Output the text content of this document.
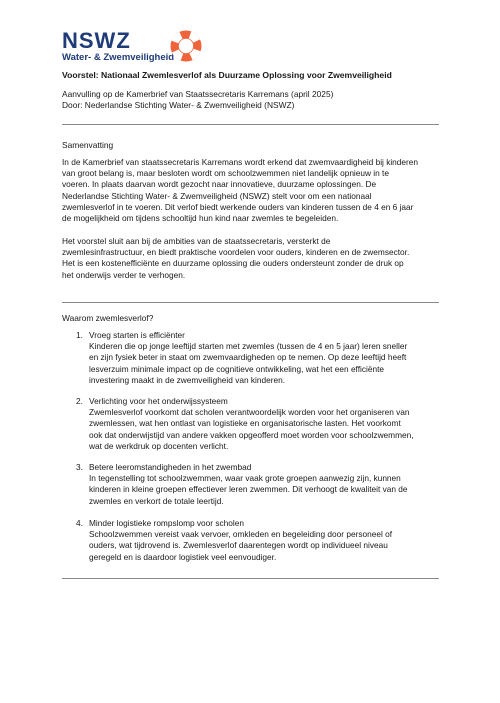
NSWZ
Water- & Zwemveiligheid
Voorstel: Nationaal Zwemlesverlof als Duurzame Oplossing voor Zwemveiligheid
Aanvulling op de Kamerbrief van Staatssecretaris Karremans (april 2025)
Door: Nederlandse Stichting Water- & Zwemveiligheid (NSWZ)
Samenvatting
In de Kamerbrief van staatssecretaris Karremans wordt erkend dat zwemvaardigheid bij kinderen
van groot belang is, maar besloten wordt om schoolzwemmen niet landelijk opnieuw in te
voeren. In plaats daarvan wordt gezocht naar innovatieve, duurzame oplossingen. De
Nederlandse Stichting Water- & Zwemveiligheid (NSWZ) stelt voor om een nationaal
zwemlesverlof in te voeren. Dit verlof biedt werkende ouders van kinderen tussen de 4 en 6 jaar
de mogelijkheid om tijdens schooltijd hun kind naar zwemles te begeleiden.
Het voorstel sluit aan bij de ambities van de staatssecretaris, versterkt de
zwemlesinfrastructuur, en biedt praktische voordelen voor ouders, kinderen en de zwemsector.
Het is een kostenefficiënte en duurzame oplossing die ouders ondersteunt zonder de druk op
het onderwijs verder te verhogen.
Waarom zwemlesverlof?
1. Vroeg starten is efficiënter
Kinderen die op jonge leeftijd starten met zwemles (tussen de 4 en 5 jaar) leren sneller
en zijn fysiek beter in staat om zwemvaardigheden op te nemen. Op deze leeftijd heeft
lesverzuim minimale impact op de cognitieve ontwikkeling, wat het een efficiënte
investering maakt in de zwemveiligheid van kinderen.
2. Verlichting voor het onderwijssysteem
Zwemlesverlof voorkomt dat scholen verantwoordelijk worden voor het organiseren van
zwemlessen, wat hen ontlast van logistieke en organisatorische lasten. Het voorkomt
ook dat onderwijstijd van andere vakken opgeofferd moet worden voor schoolzwemmen,
wat de werkdruk op docenten verlicht.
3. Betere leeromstandigheden in het zwembad
In tegenstelling tot schoolzwemmen, waar vaak grote groepen aanwezig zijn, kunnen
kinderen in kleine groepen effectiever leren zwemmen. Dit verhoogt de kwaliteit van de
zwemles en verkort de totale leertijd.
4. Minder logistieke rompslomp voor scholen
Schoolzwemmen vereist vaak vervoer, omkleden en begeleiding door personeel of
ouders, wat tijdrovend is. Zwemlesverlof daarentegen wordt op individueel niveau
geregeld en is daardoor logistiek veel eenvoudiger.
